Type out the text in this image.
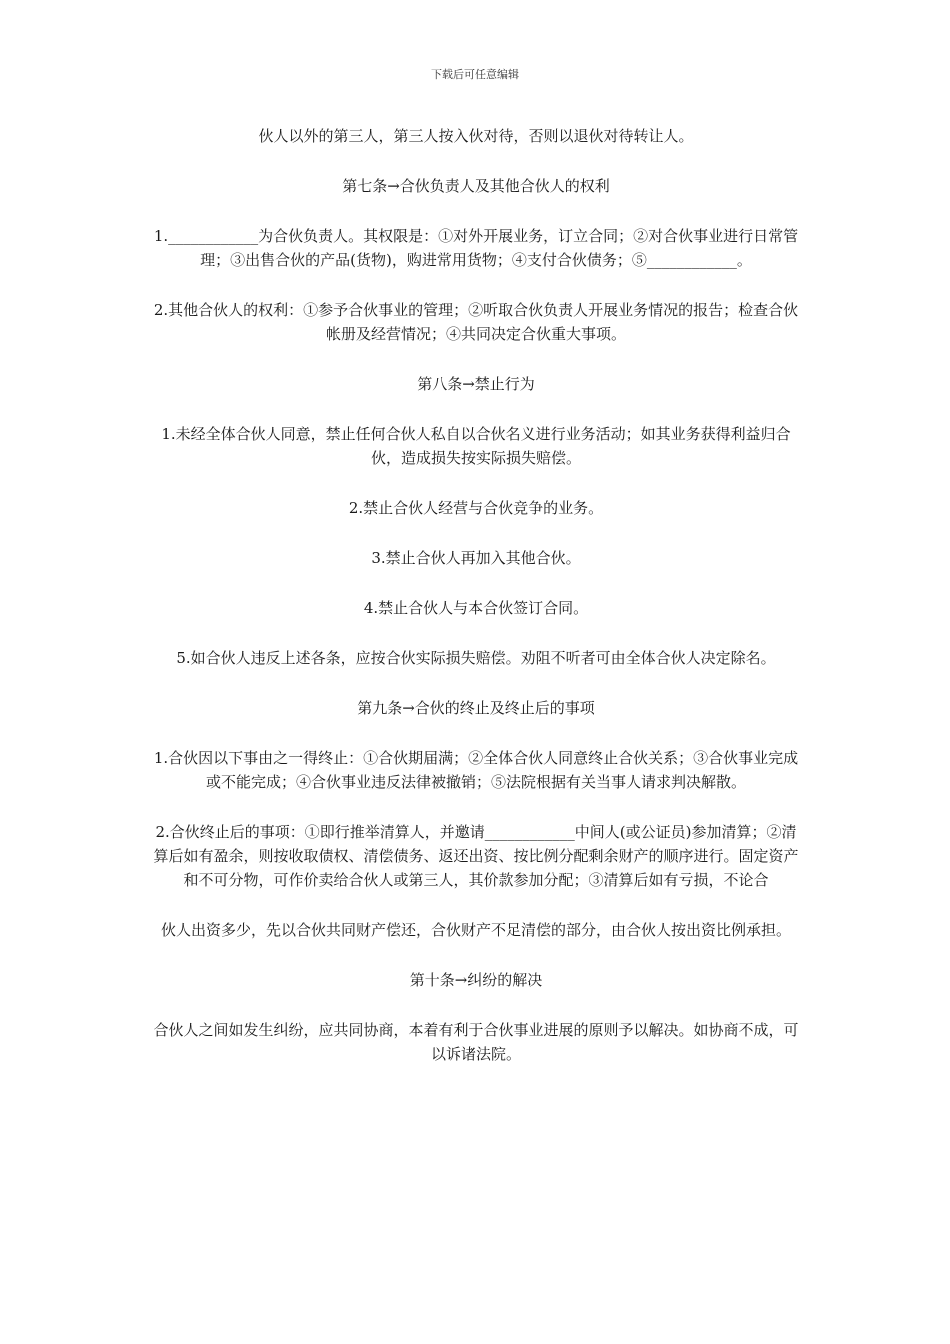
下载后可任意编辑

伙人以外的第三人，第三人按入伙对待，否则以退伙对待转让人。

第七条→合伙负责人及其他合伙人的权利

1.____________为合伙负责人。其权限是：①对外开展业务，订立合同；②对合伙事业进行日常管理；③出售合伙的产品(货物)，购进常用货物；④支付合伙债务；⑤____________。

2.其他合伙人的权利：①参予合伙事业的管理；②听取合伙负责人开展业务情况的报告；检查合伙帐册及经营情况；④共同决定合伙重大事项。

第八条→禁止行为

1.未经全体合伙人同意，禁止任何合伙人私自以合伙名义进行业务活动；如其业务获得利益归合伙，造成损失按实际损失赔偿。

2.禁止合伙人经营与合伙竞争的业务。

3.禁止合伙人再加入其他合伙。

4.禁止合伙人与本合伙签订合同。

5.如合伙人违反上述各条，应按合伙实际损失赔偿。劝阻不听者可由全体合伙人决定除名。

第九条→合伙的终止及终止后的事项

1.合伙因以下事由之一得终止：①合伙期届满；②全体合伙人同意终止合伙关系；③合伙事业完成或不能完成；④合伙事业违反法律被撤销；⑤法院根据有关当事人请求判决解散。

2.合伙终止后的事项：①即行推举清算人，并邀请____________中间人(或公证员)参加清算；②清算后如有盈余，则按收取债权、清偿债务、返还出资、按比例分配剩余财产的顺序进行。固定资产和不可分物，可作价卖给合伙人或第三人，其价款参加分配；③清算后如有亏损，不论合

伙人出资多少，先以合伙共同财产偿还，合伙财产不足清偿的部分，由合伙人按出资比例承担。

第十条→纠纷的解决

合伙人之间如发生纠纷，应共同协商，本着有利于合伙事业进展的原则予以解决。如协商不成，可以诉诸法院。
